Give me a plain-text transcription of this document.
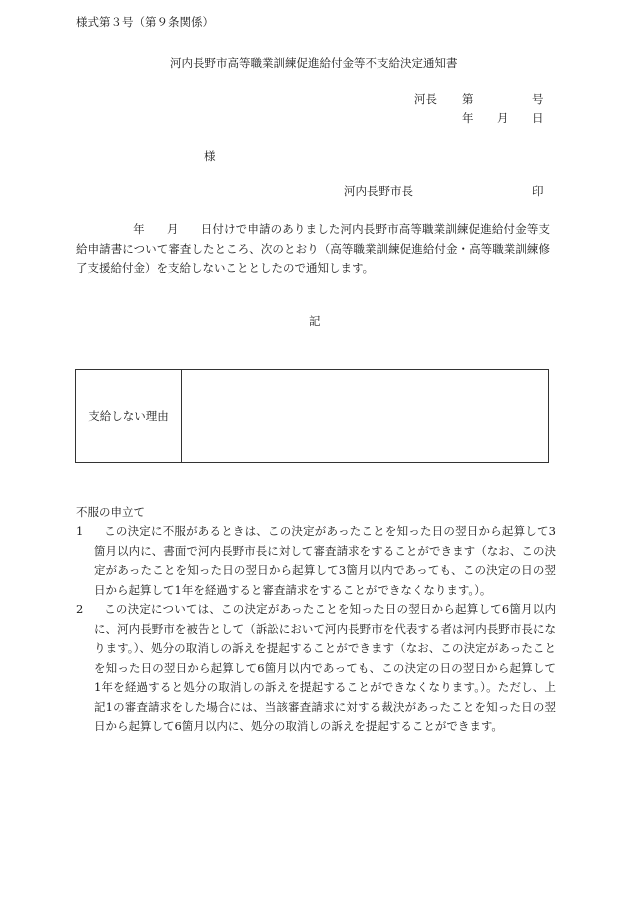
様式第３号（第９条関係）
河内長野市高等職業訓練促進給付金等不支給決定通知書
河長 第	号
年 月 日
様
河内長野市長	印
年 月 日付けで申請のありました河内長野市高等職業訓練促進給付金等支給申請書について審査したところ、次のとおり（高等職業訓練促進給付金・高等職業訓練修了支援給付金）を支給しないこととしたので通知します。
記
支給しない理由
不服の申立て
1	この決定に不服があるときは、この決定があったことを知った日の翌日から起算して3箇月以内に、書面で河内長野市長に対して審査請求をすることができます（なお、この決定があったことを知った日の翌日から起算して3箇月以内であっても、この決定の日の翌日から起算して1年を経過すると審査請求をすることができなくなります。）。
2	この決定については、この決定があったことを知った日の翌日から起算して6箇月以内に、河内長野市を被告として（訴訟において河内長野市を代表する者は河内長野市長になります。）、処分の取消しの訴えを提起することができます（なお、この決定があったことを知った日の翌日から起算して6箇月以内であっても、この決定の日の翌日から起算して1年を経過すると処分の取消しの訴えを提起することができなくなります。）。ただし、上記1の審査請求をした場合には、当該審査請求に対する裁決があったことを知った日の翌日から起算して6箇月以内に、処分の取消しの訴えを提起することができます。
